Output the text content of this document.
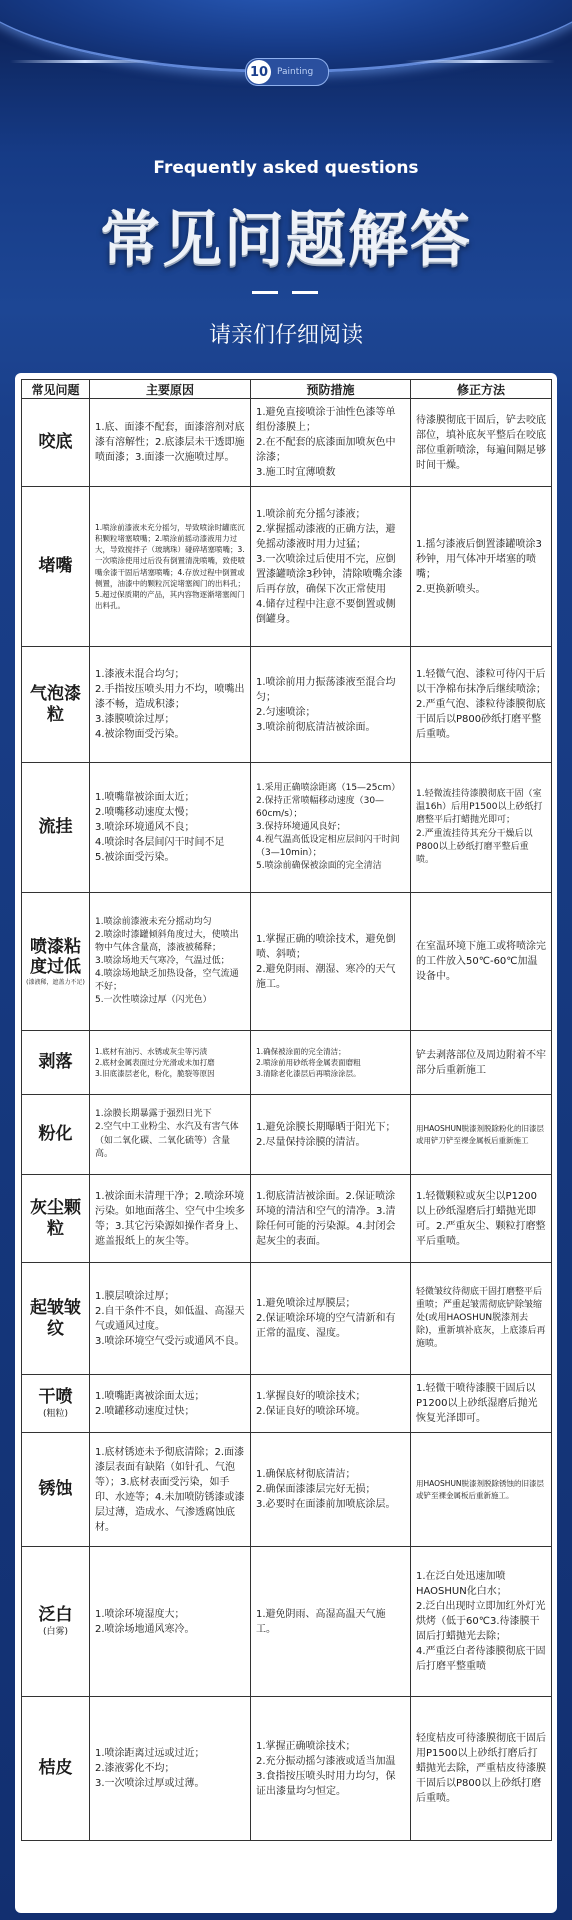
10 Painting
Frequently asked questions
常见问题解答
请亲们仔细阅读
常见问题	主要原因	预防措施	修正方法
咬底	1.底、面漆不配套，面漆溶剂对底漆有溶解性；2.底漆层未干透即施喷面漆；3.面漆一次施喷过厚。	1.避免直接喷涂于油性色漆等单组份漆膜上；
2.在不配套的底漆面加喷灰色中涂漆；
3.施工时宜薄喷数	待漆膜彻底干固后，铲去咬底部位，填补底灰平整后在咬底部位重新喷涂，每遍间隔足够时间干燥。
堵嘴	1.喷涂前漆液未充分摇匀，导致喷涂时罐底沉积颗粒堵塞喷嘴；2.喷涂前摇动漆液用力过大，导致搅拌子（玻璃珠）碰碎堵塞喷嘴；3.一次喷涂使用过后没有倒置清洗喷嘴，致使喷嘴余漆干固后堵塞喷嘴；4.存放过程中倒置或侧置，油漆中的颗粒沉淀堵塞阀门的出料孔；5.超过保质期的产品，其内容物逐渐堵塞阀门出料孔。	1.喷涂前充分摇匀漆液；
2.掌握摇动漆液的正确方法，避免摇动漆液时用力过猛；
3.一次喷涂过后使用不完，应倒置漆罐喷涂3秒钟，清除喷嘴余漆后再存放，确保下次正常使用
4.储存过程中注意不要倒置或侧倒罐身。	1.摇匀漆液后倒置漆罐喷涂3秒钟，用气体冲开堵塞的喷嘴；
2.更换新喷头。
气泡漆粒	1.漆液未混合均匀；
2.手指按压喷头用力不均，喷嘴出漆不畅，造成积漆；
3.漆膜喷涂过厚；
4.被涂物面受污染。	1.喷涂前用力振荡漆液至混合均匀；
2.匀速喷涂；
3.喷涂前彻底清洁被涂面。	1.轻微气泡、漆粒可待闪干后以干净棉布抹净后继续喷涂；
2.严重气泡、漆粒待漆膜彻底干固后以P800砂纸打磨平整后重喷。
流挂	1.喷嘴靠被涂面太近；
2.喷嘴移动速度太慢；
3.喷涂环境通风不良；
4.喷涂时各层间闪干时间不足
5.被涂面受污染。	1.采用正确喷涂距离（15—25cm）2.保持正常喷幅移动速度（30—60cm/s）；
3.保持环境通风良好；
4.视气温高低设定相应层间闪干时间（3—10min）；
5.喷涂前确保被涂面的完全清洁	1.轻微流挂待漆膜彻底干固（室温16h）后用P1500以上砂纸打磨整平后打蜡抛光即可；
2.严重流挂待其充分干燥后以P800以上砂纸打磨平整后重喷。
喷漆粘度过低
(漆液稀，遮盖力不足)	1.喷涂前漆液未充分摇动均匀
2.喷涂时漆罐倾斜角度过大，使喷出物中气体含量高，漆液被稀释；
3.喷涂场地天气寒冷，气温过低；
4.喷涂场地缺乏加热设备，空气流通不好；
5.一次性喷涂过厚（闪光色）	1.掌握正确的喷涂技术，避免倒喷、斜喷；
2.避免阴雨、潮湿、寒冷的天气施工。	在室温环境下施工或将喷涂完的工件放入50℃-60℃加温设备中。
剥落	1.底材有油污、水锈或灰尘等污渍
2.底材金属表面过分光滑或未加打磨
3.旧底漆层老化，粉化，脆裂等原因	1.确保被涂面的完全清洁；
2.喷涂前用砂纸将金属表面磨粗
3.清除老化漆层后再喷涂涂层。	铲去剥落部位及周边附着不牢部分后重新施工
粉化	1.涂膜长期暴露于强烈日光下
2.空气中工业粉尘、水汽及有害气体（如二氧化碳、二氧化硫等）含量高。	1.避免涂膜长期曝晒于阳光下；
2.尽量保持涂膜的清洁。	用HAOSHUN脱漆剂脱除粉化的旧漆层或用铲刀铲至裸金属板后重新施工
灰尘颗粒	1.被涂面未清理干净；2.喷涂环境污染。如地面落尘、空气中尘埃多等；3.其它污染源如操作者身上、遮盖报纸上的灰尘等。	1.彻底清洁被涂面。2.保证喷涂环境的清洁和空气的清净。3.清除任何可能的污染源。4.封闭会起灰尘的表面。	1.轻微颗粒或灰尘以P1200以上砂纸湿磨后打蜡抛光即可。2.严重灰尘、颗粒打磨整平后重喷。
起皱皱纹	1.膜层喷涂过厚；
2.自干条件不良，如低温、高湿天气或通风过度。
3.喷涂环境空气受污或通风不良。	1.避免喷涂过厚膜层；
2.保证喷涂环境的空气清新和有正常的温度、湿度。	轻微皱纹待彻底干固打磨整平后重喷；严重起皱需彻底铲除皱缩处(或用HAOSHUN脱漆剂去除)，重新填补底灰，上底漆后再施喷。
干喷
(粗粒)	1.喷嘴距离被涂面太远；
2.喷罐移动速度过快；	1.掌握良好的喷涂技术；
2.保证良好的喷涂环境。	1.轻微干喷待漆膜干固后以P1200以上砂纸湿磨后抛光恢复光泽即可。
锈蚀	1.底材锈迹未予彻底清除；2.面漆漆层表面有缺陷（如针孔、气泡等）；3.底材表面受污染，如手印、水迹等；4.未加喷防锈漆或漆层过薄，造成水、气渗透腐蚀底材。	1.确保底材彻底清洁；
2.确保面漆漆层完好无损；
3.必要时在面漆前加喷底涂层。	用HAOSHUN脱漆剂脱除锈蚀的旧漆层或铲至裸金属板后重新施工。
泛白
(白雾)	1.喷涂环境湿度大；
2.喷涂场地通风寒冷。	1.避免阴雨、高湿高温天气施工。	1.在泛白处迅速加喷HAOSHUN化白水；
2.泛白出现时立即加红外灯光烘烤（低于60℃3.待漆膜干固后打蜡抛光去除；
4.严重泛白者待漆膜彻底干固后打磨平整重喷
桔皮	1.喷涂距离过远或过近；
2.漆液雾化不均；
3.一次喷涂过厚或过薄。	1.掌握正确喷涂技术；
2.充分振动摇匀漆液或适当加温
3.食指按压喷头时用力均匀，保证出漆量均匀恒定。	轻度桔皮可待漆膜彻底干固后用P1500以上砂纸打磨后打蜡抛光去除，严重桔皮待漆膜干固后以P800以上砂纸打磨后重喷。
